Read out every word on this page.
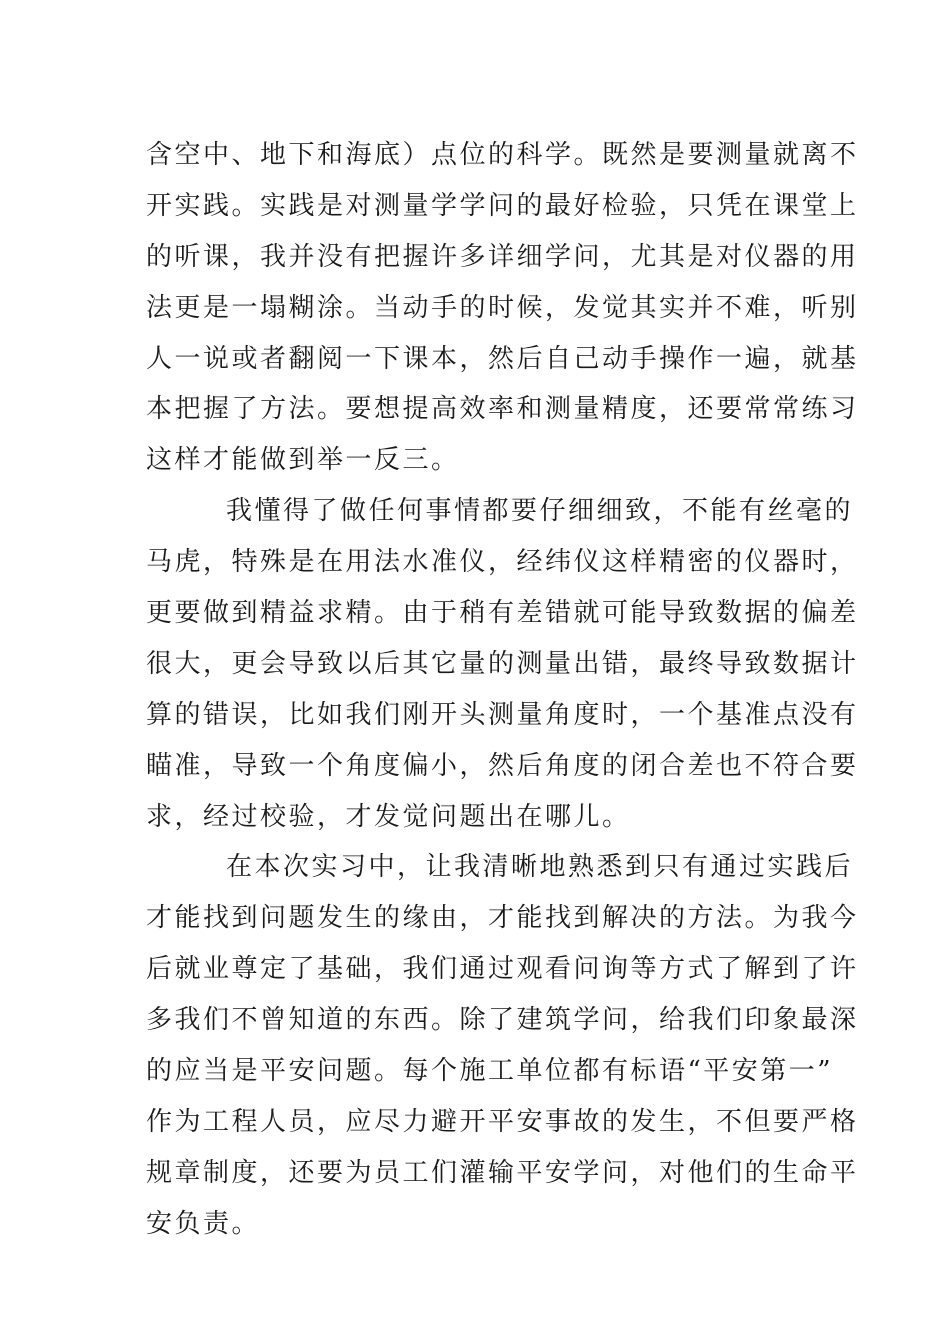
含空中、地下和海底）点位的科学。既然是要测量就离不
开实践。实践是对测量学学问的最好检验，只凭在课堂上
的听课，我并没有把握许多详细学问，尤其是对仪器的用
法更是一塌糊涂。当动手的时候，发觉其实并不难，听别
人一说或者翻阅一下课本，然后自己动手操作一遍，就基
本把握了方法。要想提高效率和测量精度，还要常常练习
这样才能做到举一反三。
我懂得了做任何事情都要仔细细致，不能有丝毫的
马虎，特殊是在用法水准仪，经纬仪这样精密的仪器时，
更要做到精益求精。由于稍有差错就可能导致数据的偏差
很大，更会导致以后其它量的测量出错，最终导致数据计
算的错误，比如我们刚开头测量角度时，一个基准点没有
瞄准，导致一个角度偏小，然后角度的闭合差也不符合要
求，经过校验，才发觉问题出在哪儿。
在本次实习中，让我清晰地熟悉到只有通过实践后
才能找到问题发生的缘由，才能找到解决的方法。为我今
后就业尊定了基础，我们通过观看问询等方式了解到了许
多我们不曾知道的东西。除了建筑学问，给我们印象最深
的应当是平安问题。每个施工单位都有标语“平安第一”
作为工程人员，应尽力避开平安事故的发生，不但要严格
规章制度，还要为员工们灌输平安学问，对他们的生命平
安负责。
